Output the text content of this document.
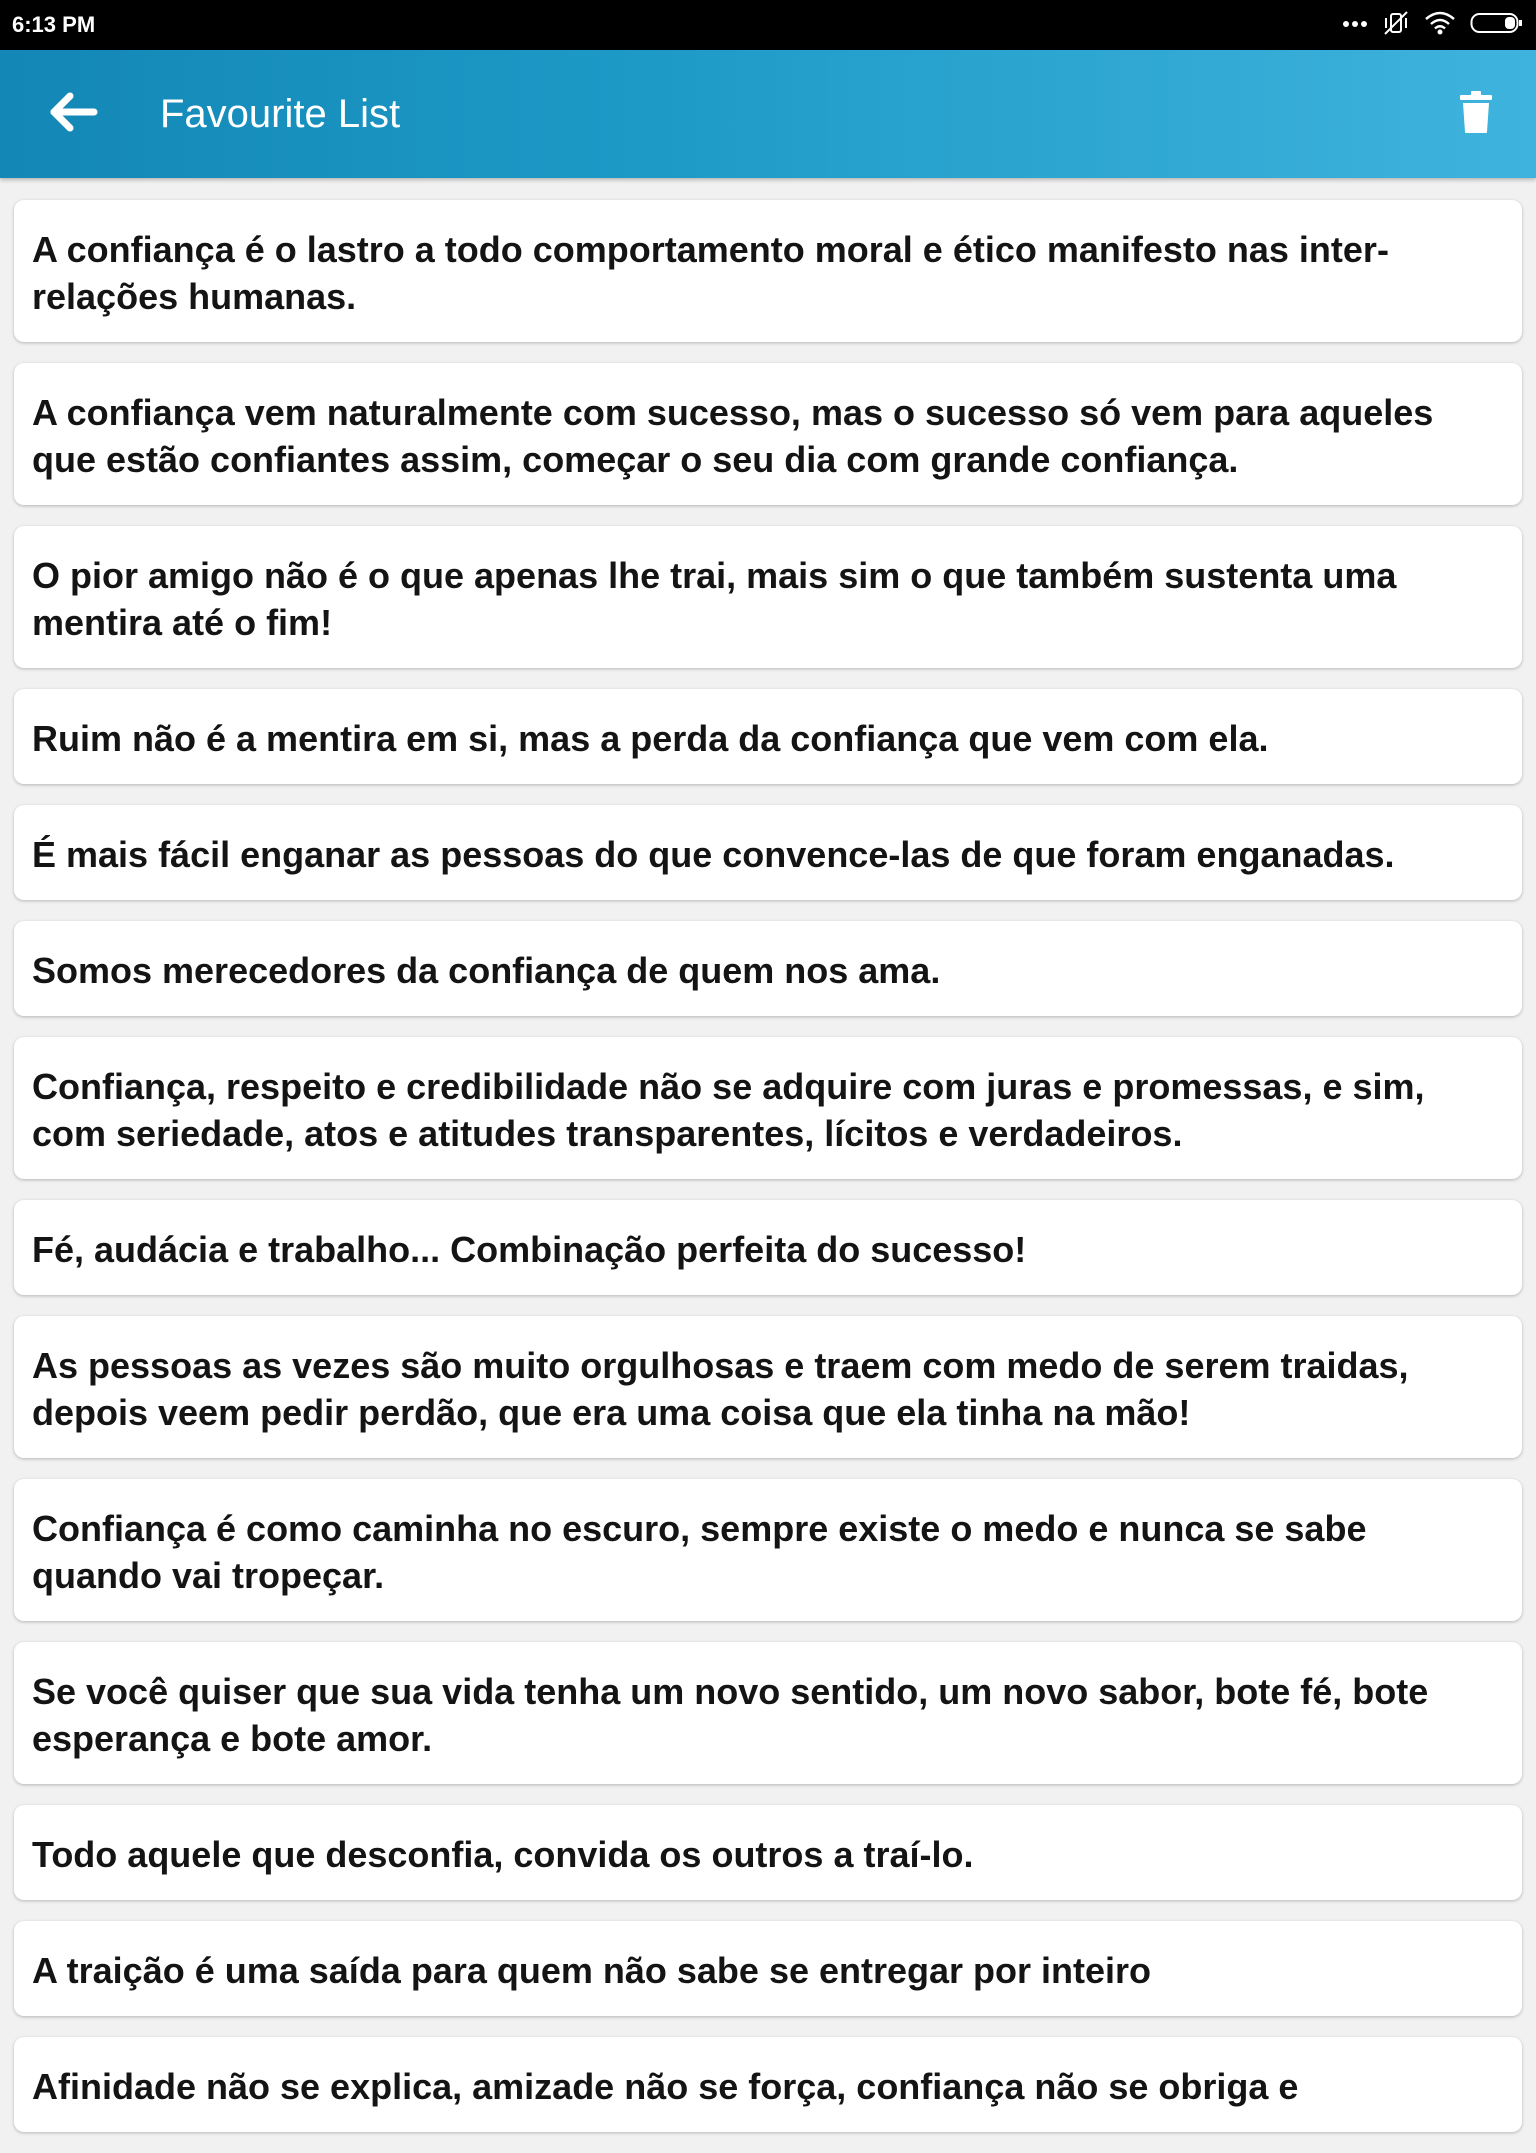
6:13 PM
Favourite List

A confiança é o lastro a todo comportamento moral e ético manifesto nas inter-relações humanas.

A confiança vem naturalmente com sucesso, mas o sucesso só vem para aqueles que estão confiantes assim, começar o seu dia com grande confiança.

O pior amigo não é o que apenas lhe trai, mais sim o que também sustenta uma mentira até o fim!

Ruim não é a mentira em si, mas a perda da confiança que vem com ela.

É mais fácil enganar as pessoas do que convence-las de que foram enganadas.

Somos merecedores da confiança de quem nos ama.

Confiança, respeito e credibilidade não se adquire com juras e promessas, e sim, com seriedade, atos e atitudes transparentes, lícitos e verdadeiros.

Fé, audácia e trabalho... Combinação perfeita do sucesso!

As pessoas as vezes são muito orgulhosas e traem com medo de serem traidas, depois veem pedir perdão, que era uma coisa que ela tinha na mão!

Confiança é como caminha no escuro, sempre existe o medo e nunca se sabe quando vai tropeçar.

Se você quiser que sua vida tenha um novo sentido, um novo sabor, bote fé, bote esperança e bote amor.

Todo aquele que desconfia, convida os outros a traí-lo.

A traição é uma saída para quem não sabe se entregar por inteiro

Afinidade não se explica, amizade não se força, confiança não se obriga e
